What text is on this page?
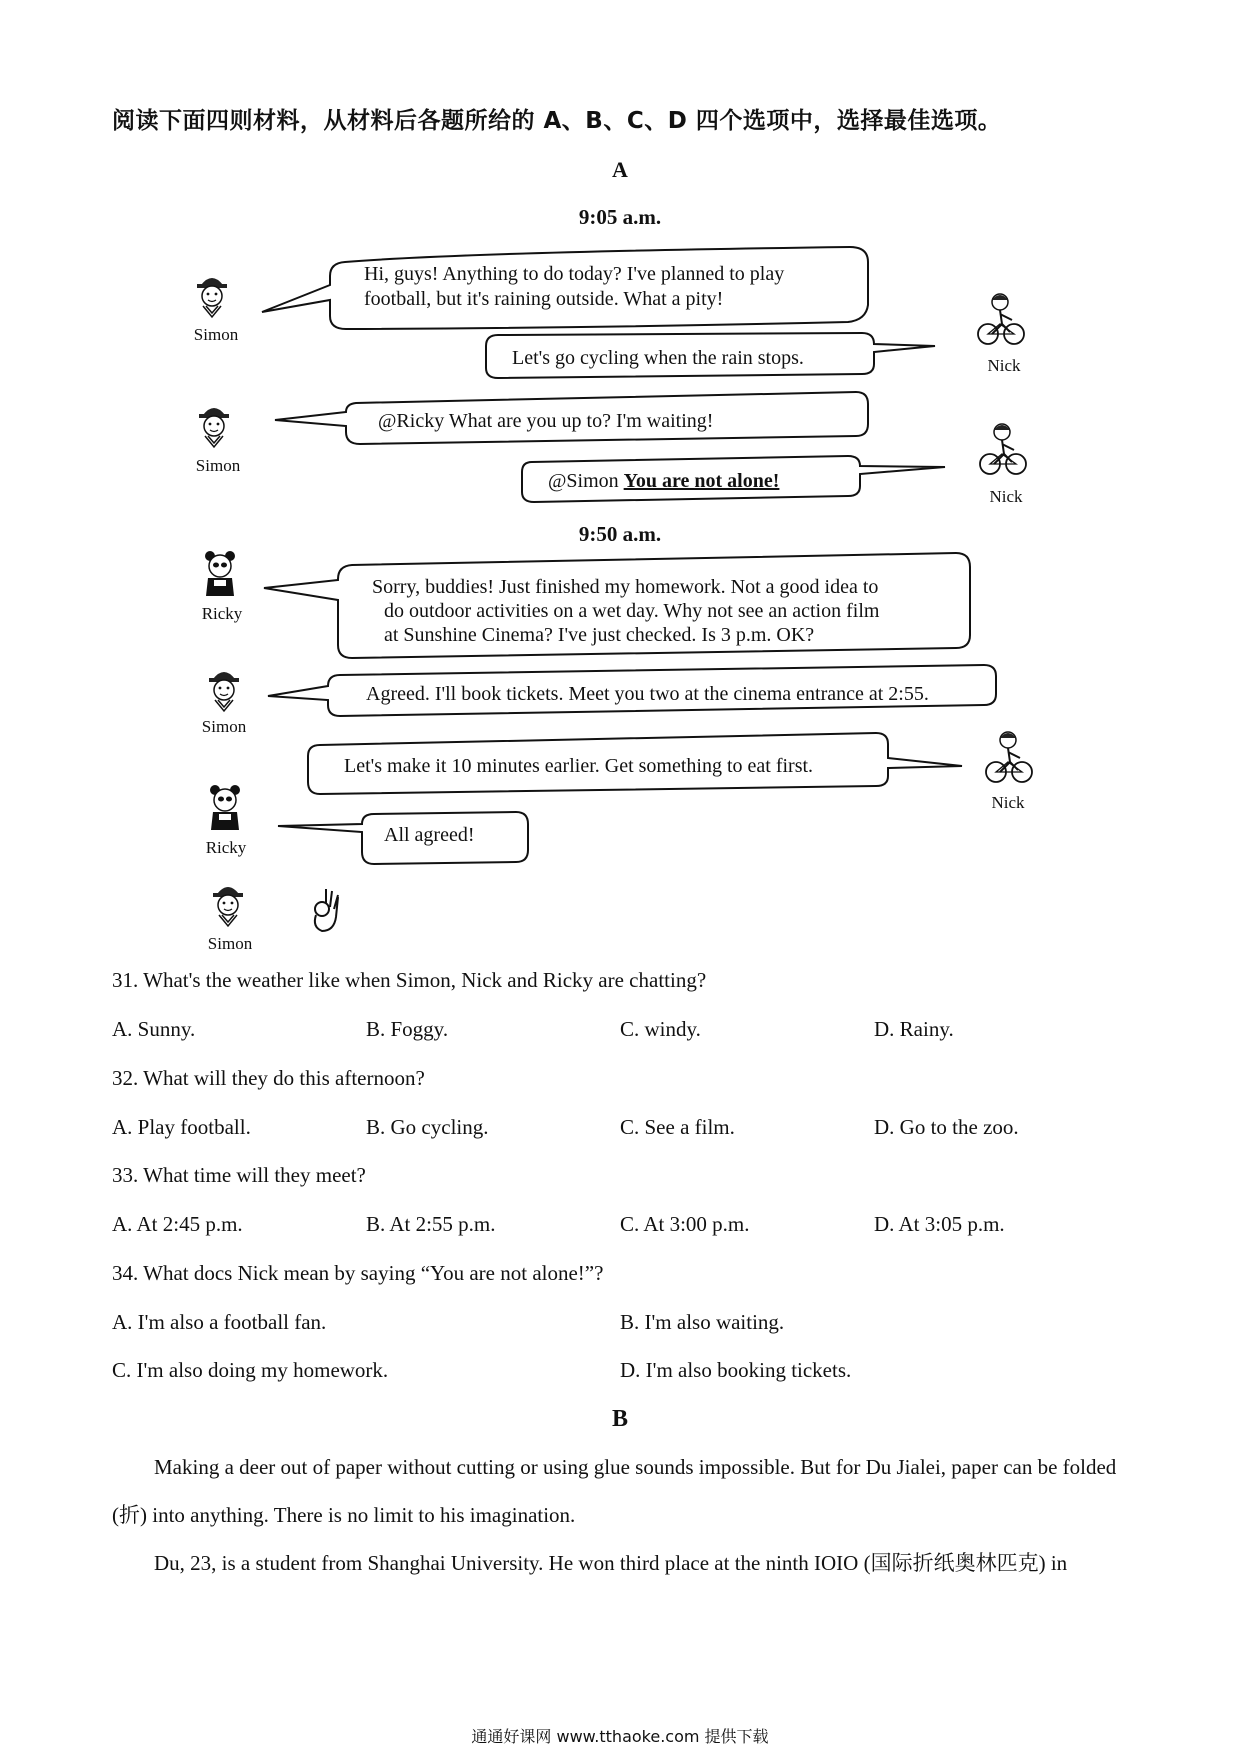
阅读下面四则材料，从材料后各题所给的 A、B、C、D 四个选项中，选择最佳选项。
A
9:05 a.m.
9:50 a.m.
Simon
Hi, guys! Anything to do today? I've planned to play
football, but it's raining outside. What a pity!
Nick
Let's go cycling when the rain stops.
Simon
@Ricky What are you up to? I'm waiting!
Nick
@Simon You are not alone!
Ricky
Sorry, buddies! Just finished my homework. Not a good idea to
do outdoor activities on a wet day. Why not see an action film
at Sunshine Cinema? I've just checked. Is 3 p.m. OK?
Simon
Agreed. I'll book tickets. Meet you two at the cinema entrance at 2:55.
Nick
Let's make it 10 minutes earlier. Get something to eat first.
Ricky
All agreed!
Simon
31. What's the weather like when Simon, Nick and Ricky are chatting?
A. Sunny.	B. Foggy.	C. windy.	D. Rainy.
32. What will they do this afternoon?
A. Play football.	B. Go cycling.	C. See a film.	D. Go to the zoo.
33. What time will they meet?
A. At 2:45 p.m.	B. At 2:55 p.m.	C. At 3:00 p.m.	D. At 3:05 p.m.
34. What docs Nick mean by saying “You are not alone!”?
A. I'm also a football fan.	B. I'm also waiting.
C. I'm also doing my homework.	D. I'm also booking tickets.
B
Making a deer out of paper without cutting or using glue sounds impossible. But for Du Jialei, paper can be folded (折) into anything. There is no limit to his imagination.
Du, 23, is a student from Shanghai University. He won third place at the ninth IOIO (国际折纸奥林匹克) in
通通好课网 www.tthaoke.com 提供下载
